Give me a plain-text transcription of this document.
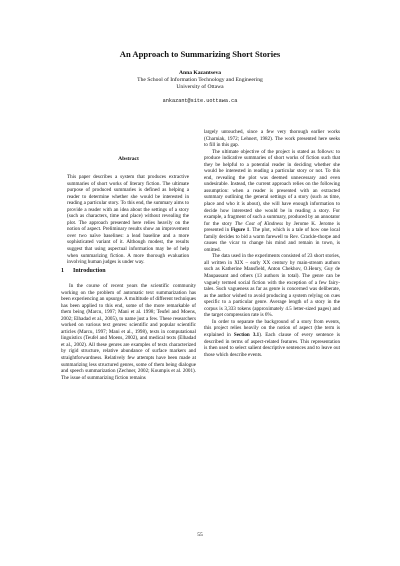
An Approach to Summarizing Short Stories
Anna Kazantseva
The School of Information Technology and Engineering
University of Ottawa
ankazant@site.uottawa.ca
Abstract

This paper describes a system that produces extractive summaries of short works of literary fiction. The ultimate purpose of produced summaries is defined as helping a reader to determine whether she would be interested in reading a particular story. To this end, the summary aims to provide a reader with an idea about the settings of a story (such as characters, time and place) without revealing the plot. The approach presented here relies heavily on the notion of aspect. Preliminary results show an improvement over two naïve baselines: a lead baseline and a more sophisticated variant of it. Although modest, the results suggest that using aspectual information may be of help when summarizing fiction. A more thorough evaluation involving human judges is under way.

1 Introduction

In the course of recent years the scientific community working on the problem of automatic text summarization has been experiencing an upsurge. A multitude of different techniques has been applied to this end, some of the more remarkable of them being (Marcu, 1997; Mani et al. 1998; Teufel and Moens, 2002; Elhadad et al., 2005), to name just a few. These researchers worked on various text genres: scientific and popular scientific articles (Marcu, 1997; Mani et al., 1998), texts in computational linguistics (Teufel and Moens, 2002), and medical texts (Elhadad et al., 2002). All these genres are examples of texts characterized by rigid structure, relative abundance of surface markers and straightforwardness. Relatively few attempts have been made at summarizing less structured genres, some of them being dialogue and speech summarization (Zechner, 2002; Koumpis et al. 2001). The issue of summarizing fiction remains

largely untouched, since a few very thorough earlier works (Charniak, 1972; Lehnert, 1982). The work presented here seeks to fill in this gap.

The ultimate objective of the project is stated as follows: to produce indicative summaries of short works of fiction such that they be helpful to a potential reader in deciding whether she would be interested in reading a particular story or not. To this end, revealing the plot was deemed unnecessary and even undesirable. Instead, the current approach relies on the following assumption: when a reader is presented with an extracted summary outlining the general settings of a story (such as time, place and who it is about), she will have enough information to decide how interested she would be in reading a story. For example, a fragment of such a summary, produced by an annotator for the story The Cost of Kindness by Jerome K. Jerome is presented in Figure 1. The plot, which is a tale of how one local family decides to bid a warm farewell to Rev. Crackle-thorpe and causes the vicar to change his mind and remain in town, is omitted.

The data used in the experiments consisted of 23 short stories, all written in XIX – early XX century by main-stream authors such as Katherine Mansfield, Anton Chekhov, O.Henry, Guy de Maupassant and others (13 authors in total). The genre can be vaguely termed social fiction with the exception of a few fairy-tales. Such vagueness as far as genre is concerned was deliberate, as the author wished to avoid producing a system relying on cues specific to a particular genre. Average length of a story in the corpus is 3,333 tokens (approximately 4.5 letter-sized pages) and the target compression rate is 6%.

In order to separate the background of a story from events, this project relies heavily on the notion of aspect (the term is explained in Section 3.1). Each clause of every sentence is described in terms of aspect-related features. This representation is then used to select salient descriptive sentences and to leave out those which describe events.

55
